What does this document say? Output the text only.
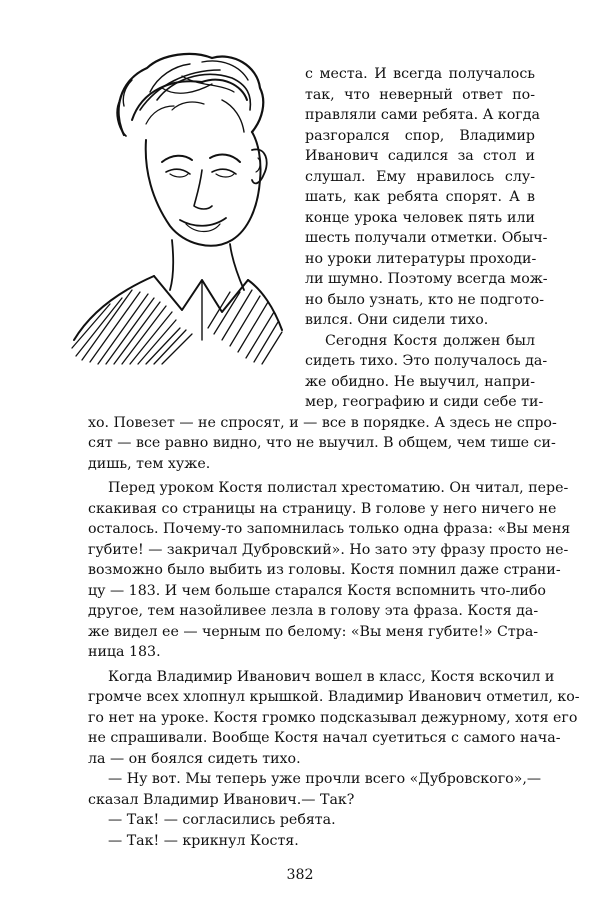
с места. И всегда получалось
так, что неверный ответ по-
правляли сами ребята. А когда
разгорался спор, Владимир
Иванович садился за стол и
слушал. Ему нравилось слу-
шать, как ребята спорят. А в
конце урока человек пять или
шесть получали отметки. Обыч-
но уроки литературы проходи-
ли шумно. Поэтому всегда мож-
но было узнать, кто не подгото-
вился. Они сидели тихо.
Сегодня Костя должен был
сидеть тихо. Это получалось да-
же обидно. Не выучил, напри-
мер, географию и сиди себе ти-
хо. Повезет — не спросят, и — все в порядке. А здесь не спро-
сят — все равно видно, что не выучил. В общем, чем тише си-
дишь, тем хуже.
Перед уроком Костя полистал хрестоматию. Он читал, пере-
скакивая со страницы на страницу. В голове у него ничего не
осталось. Почему-то запомнилась только одна фраза: «Вы меня
губите! — закричал Дубровский». Но зато эту фразу просто не-
возможно было выбить из головы. Костя помнил даже страни-
цу — 183. И чем больше старался Костя вспомнить что-либо
другое, тем назойливее лезла в голову эта фраза. Костя да-
же видел ее — черным по белому: «Вы меня губите!» Стра-
ница 183.
Когда Владимир Иванович вошел в класс, Костя вскочил и
громче всех хлопнул крышкой. Владимир Иванович отметил, ко-
го нет на уроке. Костя громко подсказывал дежурному, хотя его
не спрашивали. Вообще Костя начал суетиться с самого нача-
ла — он боялся сидеть тихо.
— Ну вот. Мы теперь уже прочли всего «Дубровского»,—
сказал Владимир Иванович.— Так?
— Так! — согласились ребята.
— Так! — крикнул Костя.
382
